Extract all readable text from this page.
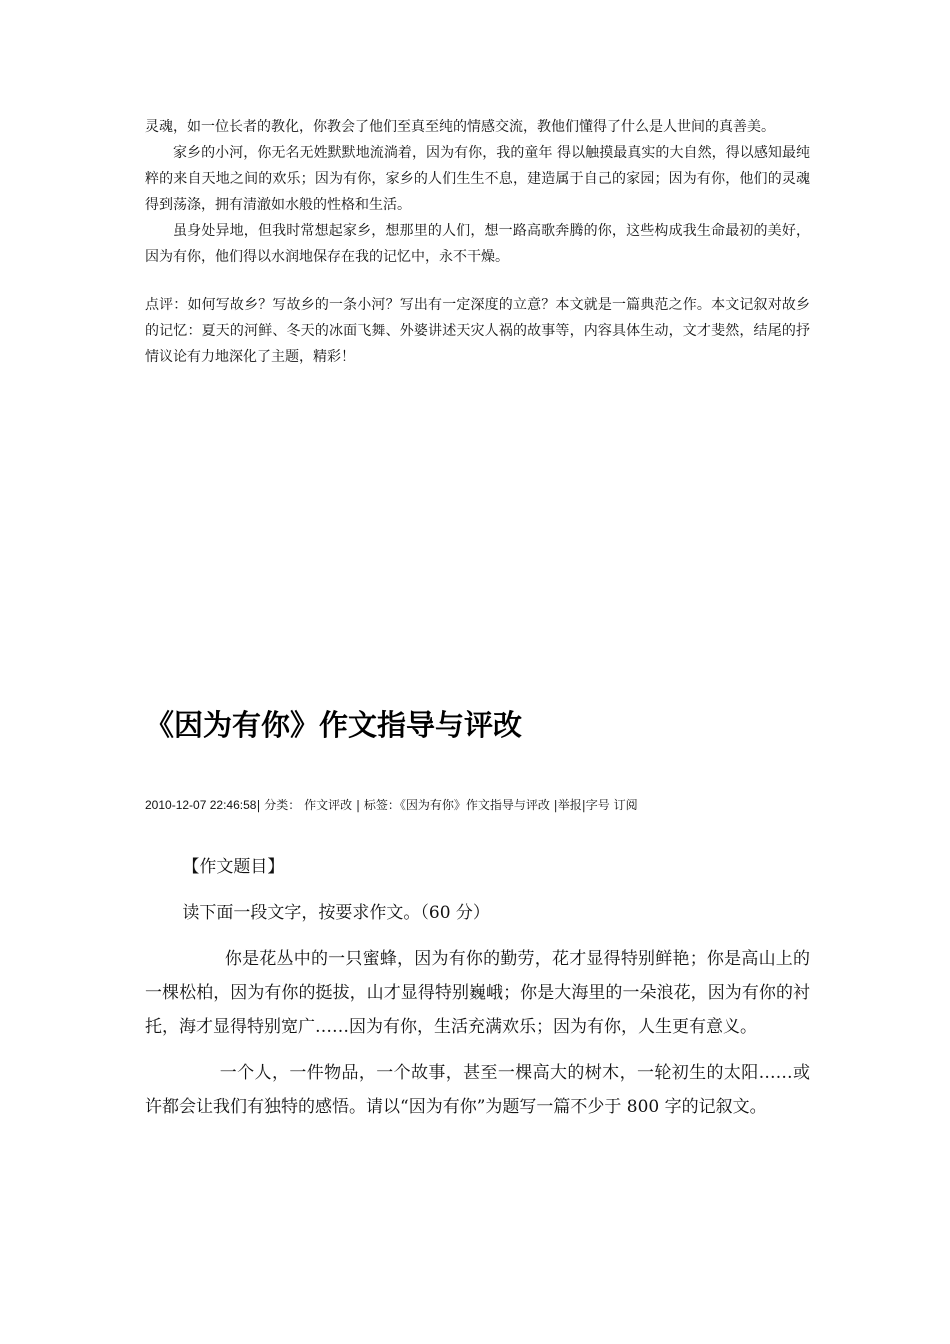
灵魂，如一位长者的教化，你教会了他们至真至纯的情感交流，教他们懂得了什么是人世间的真善美。

家乡的小河，你无名无姓默默地流淌着，因为有你，我的童年 得以触摸最真实的大自然，得以感知最纯粹的来自天地之间的欢乐；因为有你，家乡的人们生生不息，建造属于自己的家园；因为有你，他们的灵魂得到荡涤，拥有清澈如水般的性格和生活。

虽身处异地，但我时常想起家乡，想那里的人们，想一路高歌奔腾的你，这些构成我生命最初的美好，因为有你，他们得以水润地保存在我的记忆中，永不干燥。

点评：如何写故乡？写故乡的一条小河？写出有一定深度的立意？本文就是一篇典范之作。本文记叙对故乡的记忆：夏天的河鲜、冬天的冰面飞舞、外婆讲述天灾人祸的故事等，内容具体生动，文才斐然，结尾的抒情议论有力地深化了主题，精彩！

《因为有你》作文指导与评改
2010-12-07 22:46:58| 分类： 作文评改 | 标签：《因为有你》作文指导与评改 |举报|字号 订阅

【作文题目】

读下面一段文字，按要求作文。（60 分）

你是花丛中的一只蜜蜂，因为有你的勤劳，花才显得特别鲜艳；你是高山上的一棵松柏，因为有你的挺拔，山才显得特别巍峨；你是大海里的一朵浪花，因为有你的衬托，海才显得特别宽广……因为有你，生活充满欢乐；因为有你，人生更有意义。

一个人，一件物品，一个故事，甚至一棵高大的树木，一轮初生的太阳……或许都会让我们有独特的感悟。请以“因为有你”为题写一篇不少于 800 字的记叙文。
